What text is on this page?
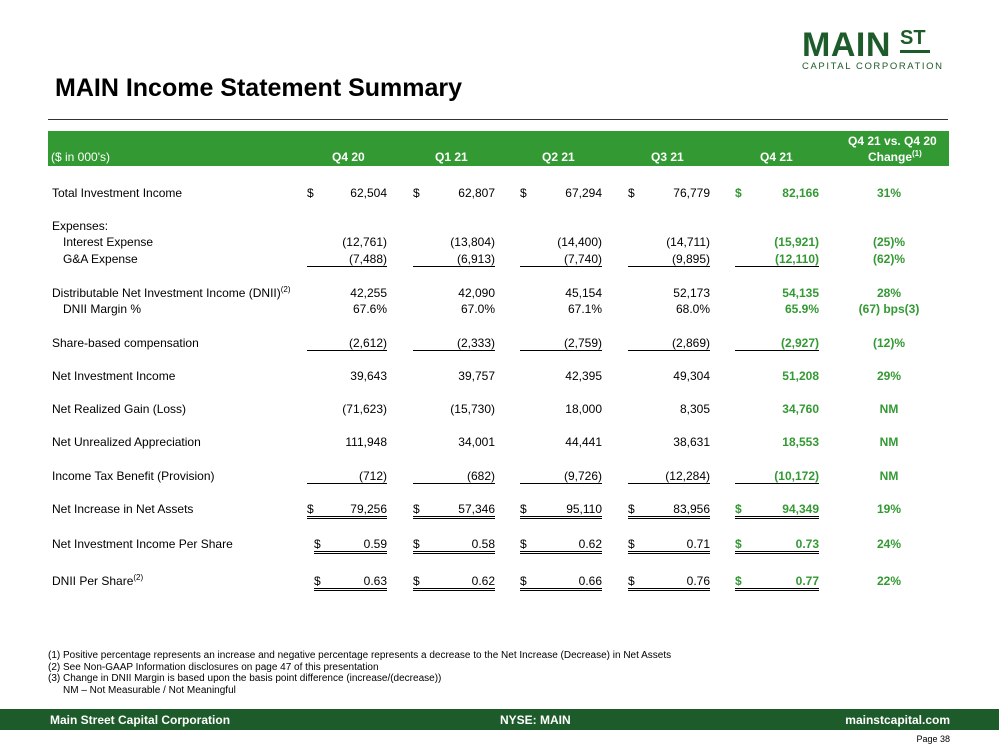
MAIN ST
CAPITAL CORPORATION
MAIN Income Statement Summary
($ in 000's)	Q4 20	Q1 21	Q2 21	Q3 21	Q4 21
Q4 21 vs. Q4 20
Change$^{(1)}$
Total Investment Income	$	62,504 $	62,807 $	67,294 $	76,779 $	82,166	31%
Expenses:
Interest Expense	(12,761)	(13,804)	(14,400)	(14,711)	(15,921)	(25)%
G&A Expense	(7,488)	(6,913)	(7,740)	(9,895)	(12,110)	(62)%
Distributable Net Investment Income (DNII)$^{(2)}$	42,255	42,090	45,154	52,173	54,135	28%
DNII Margin %	67.6%	67.0%	67.1%	68.0%	65.9%	(67) bps(3)
Share-based compensation	(2,612)	(2,333)	(2,759)	(2,869)	(2,927)	(12)%
Net Investment Income	39,643	39,757	42,395	49,304	51,208	29%
Net Realized Gain (Loss)	(71,623)	(15,730)	18,000	8,305	34,760	NM
Net Unrealized Appreciation	111,948	34,001	44,441	38,631	18,553	NM
Income Tax Benefit (Provision)	(712)	(682)	(9,726)	(12,284)	(10,172)	NM
Net Increase in Net Assets	$	79,256 $	57,346 $	95,110 $	83,956 $	94,349	19%
Net Investment Income Per Share	$	0.59 $	0.58 $	0.62 $	0.71 $	0.73	24%
DNII Per Share$^{(2)}$	$	0.63 $	0.62 $	0.66 $	0.76 $	0.77	22%
(1) Positive percentage represents an increase and negative percentage represents a decrease to the Net Increase (Decrease) in Net Assets
(2) See Non-GAAP Information disclosures on page 47 of this presentation
(3) Change in DNII Margin is based upon the basis point difference (increase/(decrease))
NM – Not Measurable / Not Meaningful
Main Street Capital Corporation	NYSE: MAIN	mainstcapital.com
Page 38
